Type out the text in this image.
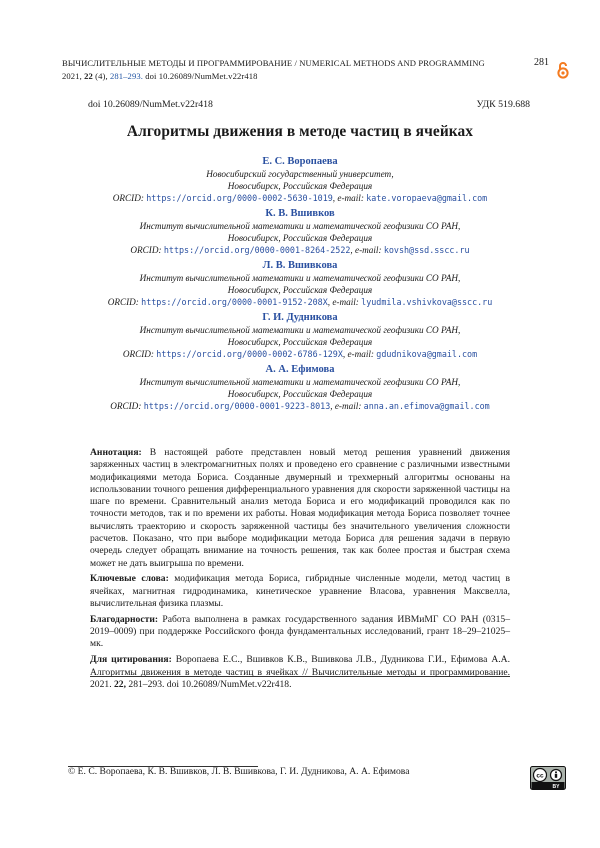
ВЫЧИСЛИТЕЛЬНЫЕ МЕТОДЫ И ПРОГРАММИРОВАНИЕ / NUMERICAL METHODS AND PROGRAMMING
2021, 22 (4), 281–293. doi 10.26089/NumMet.v22r418
281
doi 10.26089/NumMet.v22r418	УДК 519.688
Алгоритмы движения в методе частиц в ячейках
Е. С. Воропаева
Новосибирский государственный университет,
Новосибирск, Российская Федерация
ORCID: https://orcid.org/0000-0002-5630-1019, e-mail: kate.voropaeva@gmail.com
К. В. Вшивков
Институт вычислительной математики и математической геофизики СО РАН,
Новосибирск, Российская Федерация
ORCID: https://orcid.org/0000-0001-8264-2522, e-mail: kovsh@ssd.sscc.ru
Л. В. Вшивкова
Институт вычислительной математики и математической геофизики СО РАН,
Новосибирск, Российская Федерация
ORCID: https://orcid.org/0000-0001-9152-208X, e-mail: lyudmila.vshivkova@sscc.ru
Г. И. Дудникова
Институт вычислительной математики и математической геофизики СО РАН,
Новосибирск, Российская Федерация
ORCID: https://orcid.org/0000-0002-6786-129X, e-mail: gdudnikova@gmail.com
А. А. Ефимова
Институт вычислительной математики и математической геофизики СО РАН,
Новосибирск, Российская Федерация
ORCID: https://orcid.org/0000-0001-9223-8013, e-mail: anna.an.efimova@gmail.com

Аннотация: В настоящей работе представлен новый метод решения уравнений движения заряженных частиц в электромагнитных полях и проведено его сравнение с различными известными модификациями метода Бориса. Созданные двумерный и трехмерный алгоритмы основаны на использовании точного решения дифференциального уравнения для скорости заряженной частицы на шаге по времени. Сравнительный анализ метода Бориса и его модификаций проводился как по точности методов, так и по времени их работы. Новая модификация метода Бориса позволяет точнее вычислять траекторию и скорость заряженной частицы без значительного увеличения сложности расчетов. Показано, что при выборе модификации метода Бориса для решения задачи в первую очередь следует обращать внимание на точность решения, так как более простая и быстрая схема может не дать выигрыша по времени.

Ключевые слова: модификация метода Бориса, гибридные численные модели, метод частиц в ячейках, магнитная гидродинамика, кинетическое уравнение Власова, уравнения Максвелла, вычислительная физика плазмы.

Благодарности: Работа выполнена в рамках государственного задания ИВМиМГ СО РАН (0315–2019–0009) при поддержке Российского фонда фундаментальных исследований, грант 18–29–21025–мк.

Для цитирования: Воропаева Е.С., Вшивков К.В., Вшивкова Л.В., Дудникова Г.И., Ефимова А.А. Алгоритмы движения в методе частиц в ячейках // Вычислительные методы и программирование. 2021. 22, 281–293. doi 10.26089/NumMet.v22r418.

© Е. С. Воропаева, К. В. Вшивков, Л. В. Вшивкова, Г. И. Дудникова, А. А. Ефимова	cc
BY
